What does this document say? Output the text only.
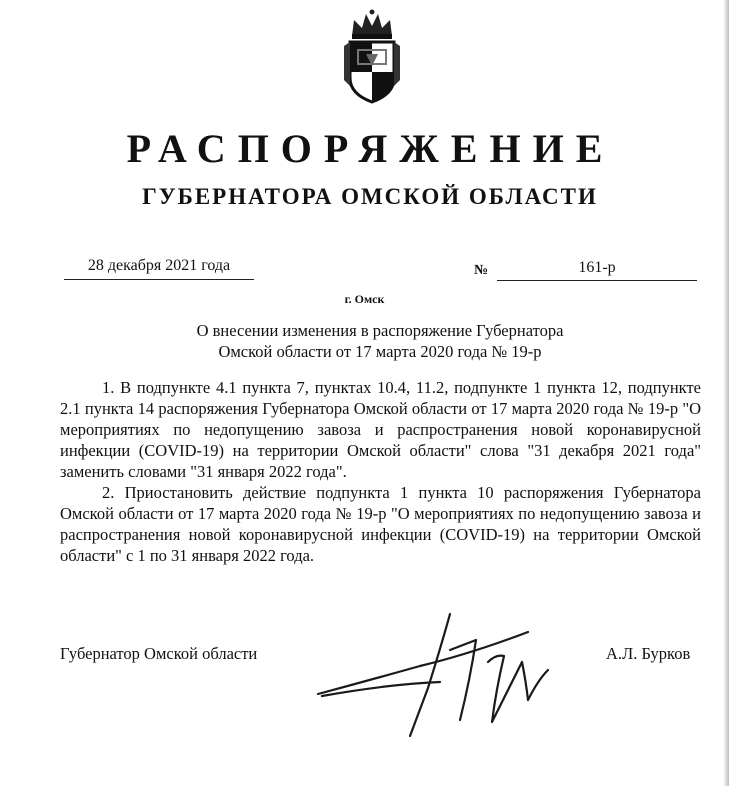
РАСПОРЯЖЕНИЕ
ГУБЕРНАТОРА ОМСКОЙ ОБЛАСТИ
28 декабря 2021 года	№	161-р
г. Омск
О внесении изменения в распоряжение Губернатора
Омской области от 17 марта 2020 года № 19-р

1. В подпункте 4.1 пункта 7, пунктах 10.4, 11.2, подпункте 1 пункта 12, подпункте 2.1 пункта 14 распоряжения Губернатора Омской области от 17 марта 2020 года № 19-р "О мероприятиях по недопущению завоза и распространения новой коронавирусной инфекции (COVID-19) на территории Омской области" слова "31 декабря 2021 года" заменить словами "31 января 2022 года".

2. Приостановить действие подпункта 1 пункта 10 распоряжения Губернатора Омской области от 17 марта 2020 года № 19-р "О мероприятиях по недопущению завоза и распространения новой коронавирусной инфекции (COVID-19) на территории Омской области" с 1 по 31 января 2022 года.

Губернатор Омской области	А.Л. Бурков
